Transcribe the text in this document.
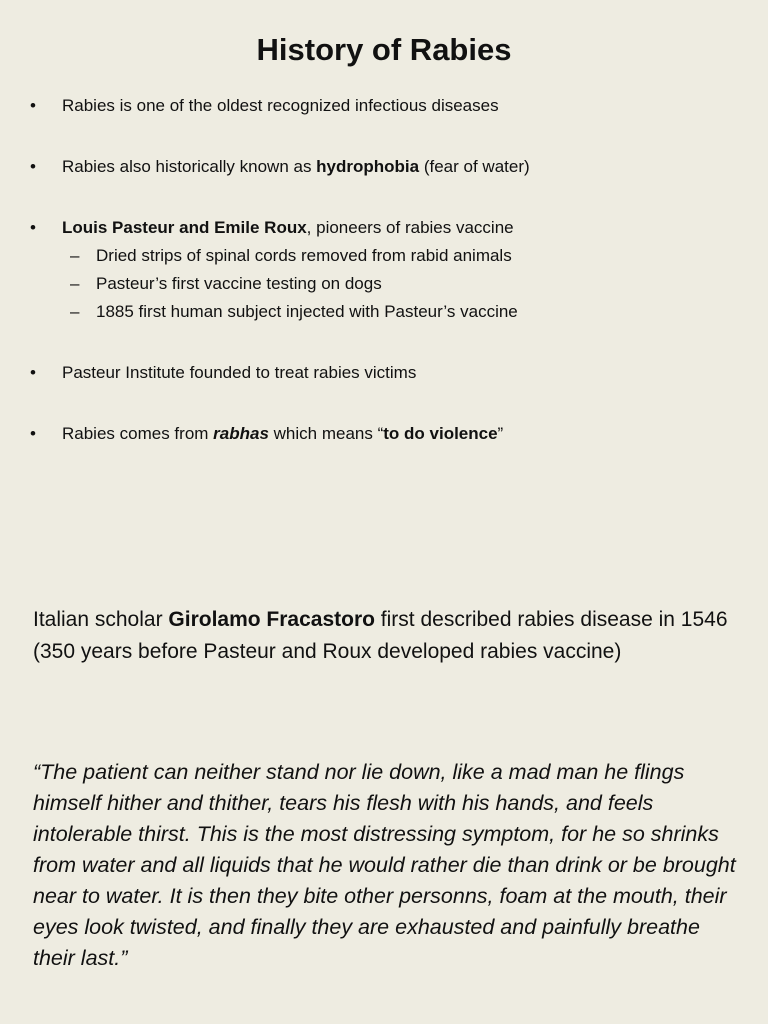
History of Rabies
•	Rabies is one of the oldest recognized infectious diseases
•	Rabies also historically known as hydrophobia (fear of water)
•	Louis Pasteur and Emile Roux, pioneers of rabies vaccine
– Dried strips of spinal cords removed from rabid animals
– Pasteur’s first vaccine testing on dogs
– 1885 first human subject injected with Pasteur’s vaccine
•	Pasteur Institute founded to treat rabies victims
•	Rabies comes from rabhas which means “to do violence”
Italian scholar Girolamo Fracastoro first described rabies disease in 1546 (350 years before Pasteur and Roux developed rabies vaccine)
“The patient can neither stand nor lie down, like a mad man he flings himself hither and thither, tears his flesh with his hands, and feels intolerable thirst. This is the most distressing symptom, for he so shrinks from water and all liquids that he would rather die than drink or be brought near to water. It is then they bite other personns, foam at the mouth, their eyes look twisted, and finally they are exhausted and painfully breathe their last.”
